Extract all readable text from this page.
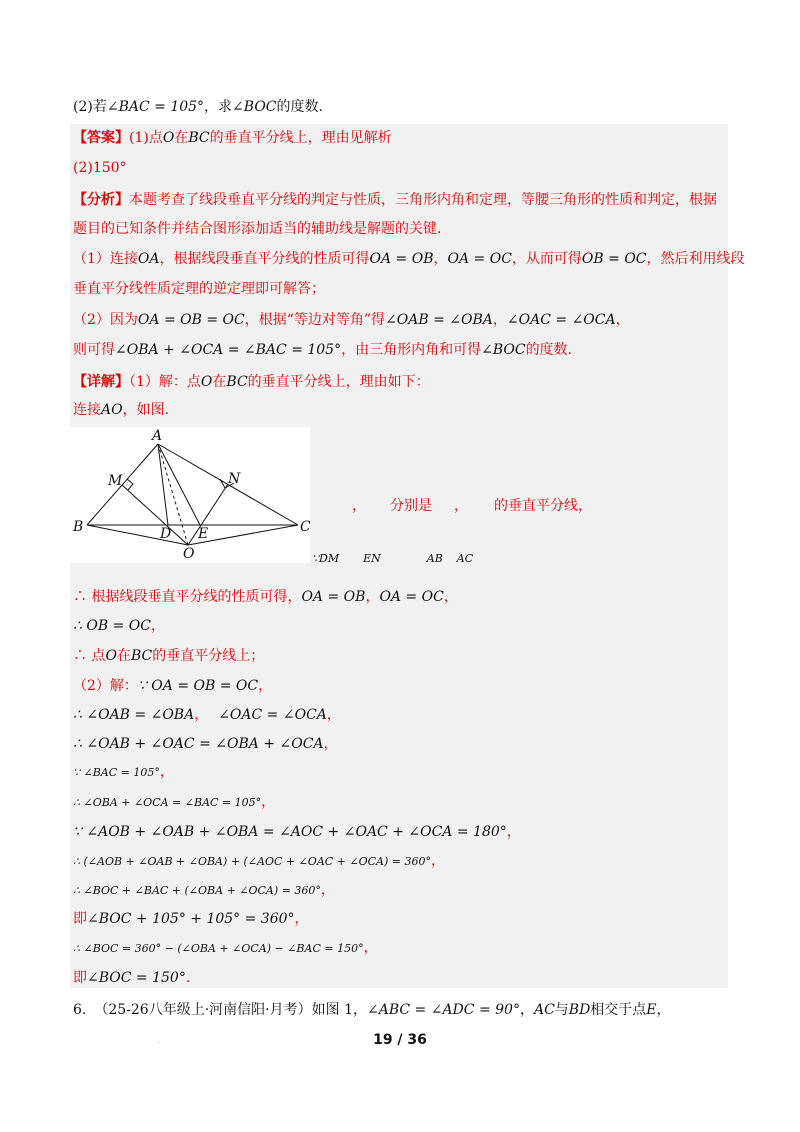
(2)若∠BAC = 105°，求∠BOC的度数.
【答案】(1)点O在BC的垂直平分线上，理由见解析
(2)150°
【分析】本题考查了线段垂直平分线的判定与性质，三角形内角和定理，等腰三角形的性质和判定，根据
题目的已知条件并结合图形添加适当的辅助线是解题的关键.
（1）连接OA，根据线段垂直平分线的性质可得OA = OB，OA = OC，从而可得OB = OC，然后利用线段
垂直平分线性质定理的逆定理即可解答；
（2）因为OA = OB = OC，根据“等边对等角”得∠OAB = ∠OBA，∠OAC = ∠OCA，
则可得∠OBA + ∠OCA = ∠BAC = 105°，由三角形内角和可得∠BOC的度数.
【详解】（1）解：点O在BC的垂直平分线上，理由如下：
连接AO，如图.
A
B	C
D E
M	N
O
， 分别是 ， 的垂直平分线，
∵DM EN	AB AC
∴ 根据线段垂直平分线的性质可得，OA = OB，OA = OC，
∴ OB = OC，
∴ 点O在BC的垂直平分线上；
（2）解：∵ OA = OB = OC，
∴ ∠OAB = ∠OBA， ∠OAC = ∠OCA，
∴ ∠OAB + ∠OAC = ∠OBA + ∠OCA，
∵ ∠BAC = 105°，
∴ ∠OBA + ∠OCA = ∠BAC = 105°，
∵ ∠AOB + ∠OAB + ∠OBA = ∠AOC + ∠OAC + ∠OCA = 180°，
∴ (∠AOB + ∠OAB + ∠OBA) + (∠AOC + ∠OAC + ∠OCA) = 360°，
∴ ∠BOC + ∠BAC + (∠OBA + ∠OCA) = 360°，
即∠BOC + 105° + 105° = 360°，
∴ ∠BOC = 360° − (∠OBA + ∠OCA) − ∠BAC = 150°，
即∠BOC = 150°.
6. （25-26八年级上·河南信阳·月考）如图 1，∠ABC = ∠ADC = 90°，AC与BD相交于点E，
·	19 / 36
